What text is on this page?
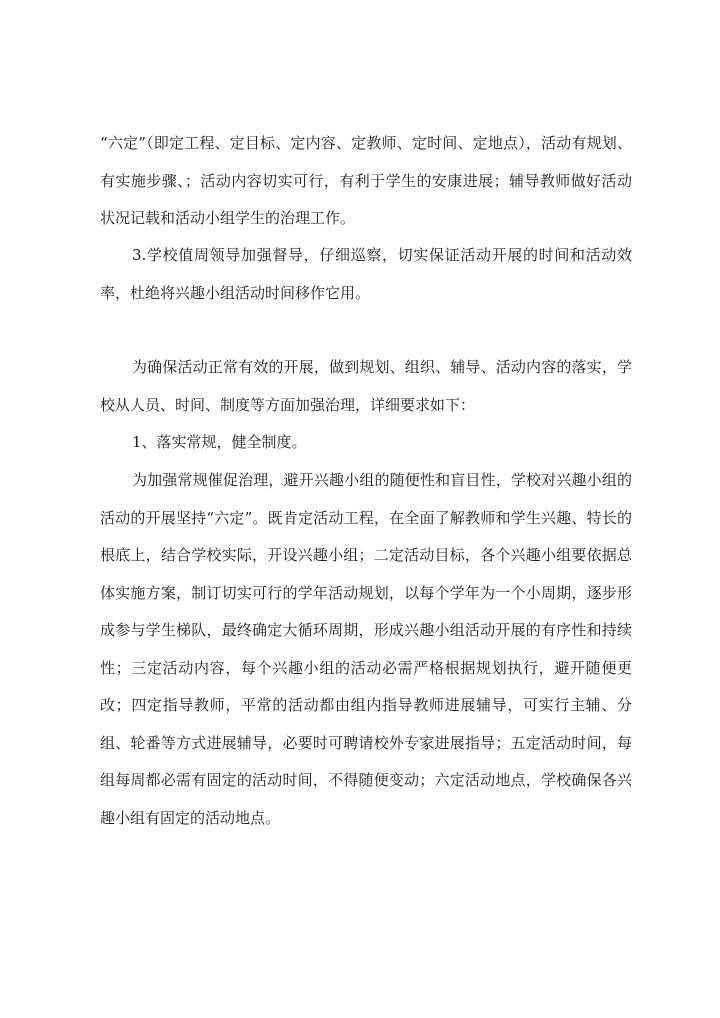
“六定”（即定工程、定目标、定内容、定教师、定时间、定地点），活动有规划、有实施步骤、；活动内容切实可行，有利于学生的安康进展；辅导教师做好活动状况记载和活动小组学生的治理工作。

3.学校值周领导加强督导，仔细巡察，切实保证活动开展的时间和活动效率，杜绝将兴趣小组活动时间移作它用。

为确保活动正常有效的开展，做到规划、组织、辅导、活动内容的落实，学校从人员、时间、制度等方面加强治理，详细要求如下：

1、落实常规，健全制度。

为加强常规催促治理，避开兴趣小组的随便性和盲目性，学校对兴趣小组的活动的开展坚持“六定”。既肯定活动工程，在全面了解教师和学生兴趣、特长的根底上，结合学校实际，开设兴趣小组；二定活动目标，各个兴趣小组要依据总体实施方案，制订切实可行的学年活动规划，以每个学年为一个小周期，逐步形成参与学生梯队，最终确定大循环周期，形成兴趣小组活动开展的有序性和持续性；三定活动内容，每个兴趣小组的活动必需严格根据规划执行，避开随便更改；四定指导教师，平常的活动都由组内指导教师进展辅导，可实行主辅、分组、轮番等方式进展辅导，必要时可聘请校外专家进展指导；五定活动时间，每组每周都必需有固定的活动时间，不得随便变动；六定活动地点，学校确保各兴趣小组有固定的活动地点。
